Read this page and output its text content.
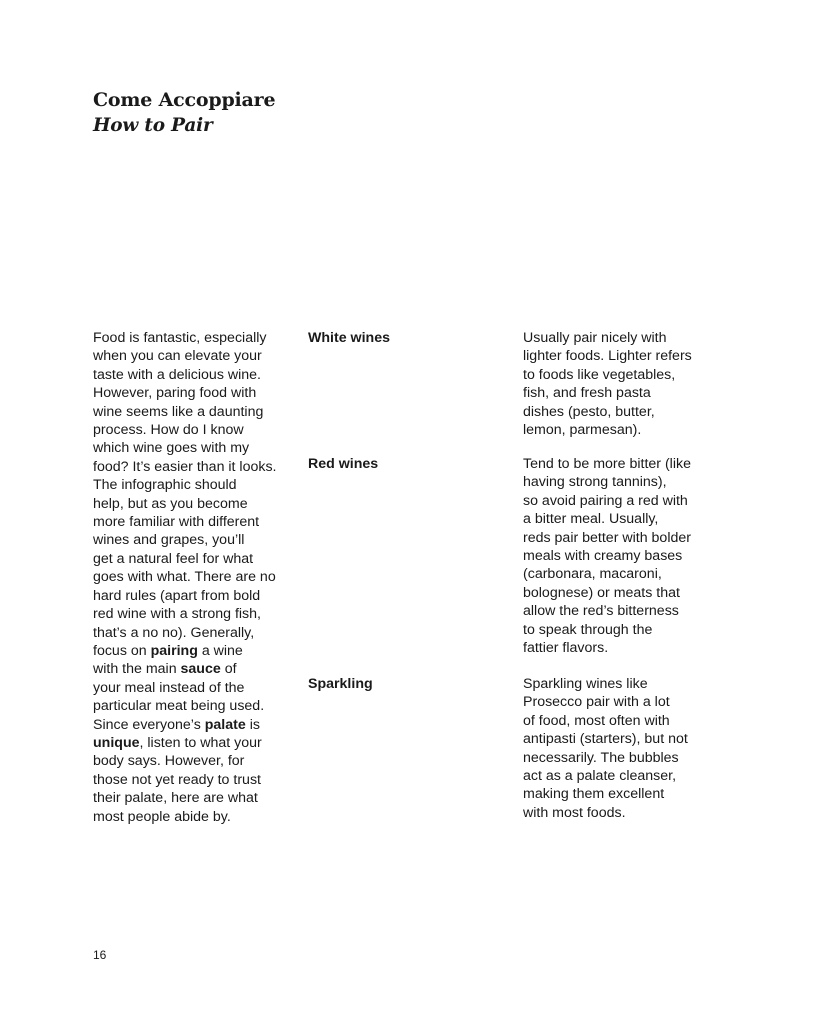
Come Accoppiare
How to Pair
Food is fantastic, especially
when you can elevate your
taste with a delicious wine.
However, paring food with
wine seems like a daunting
process. How do I know
which wine goes with my
food? It’s easier than it looks.
The infographic should
help, but as you become
more familiar with different
wines and grapes, you’ll
get a natural feel for what
goes with what. There are no
hard rules (apart from bold
red wine with a strong fish,
that’s a no no). Generally,
focus on pairing a wine
with the main sauce of
your meal instead of the
particular meat being used.
Since everyone’s palate is
unique, listen to what your
body says. However, for
those not yet ready to trust
their palate, here are what
most people abide by.
White wines	Usually pair nicely with
lighter foods. Lighter refers
to foods like vegetables,
fish, and fresh pasta
dishes (pesto, butter,
lemon, parmesan).
Red wines	Tend to be more bitter (like
having strong tannins),
so avoid pairing a red with
a bitter meal. Usually,
reds pair better with bolder
meals with creamy bases
(carbonara, macaroni,
bolognese) or meats that
allow the red’s bitterness
to speak through the
fattier flavors.
Sparkling	Sparkling wines like
Prosecco pair with a lot
of food, most often with
antipasti (starters), but not
necessarily. The bubbles
act as a palate cleanser,
making them excellent
with most foods.
16
